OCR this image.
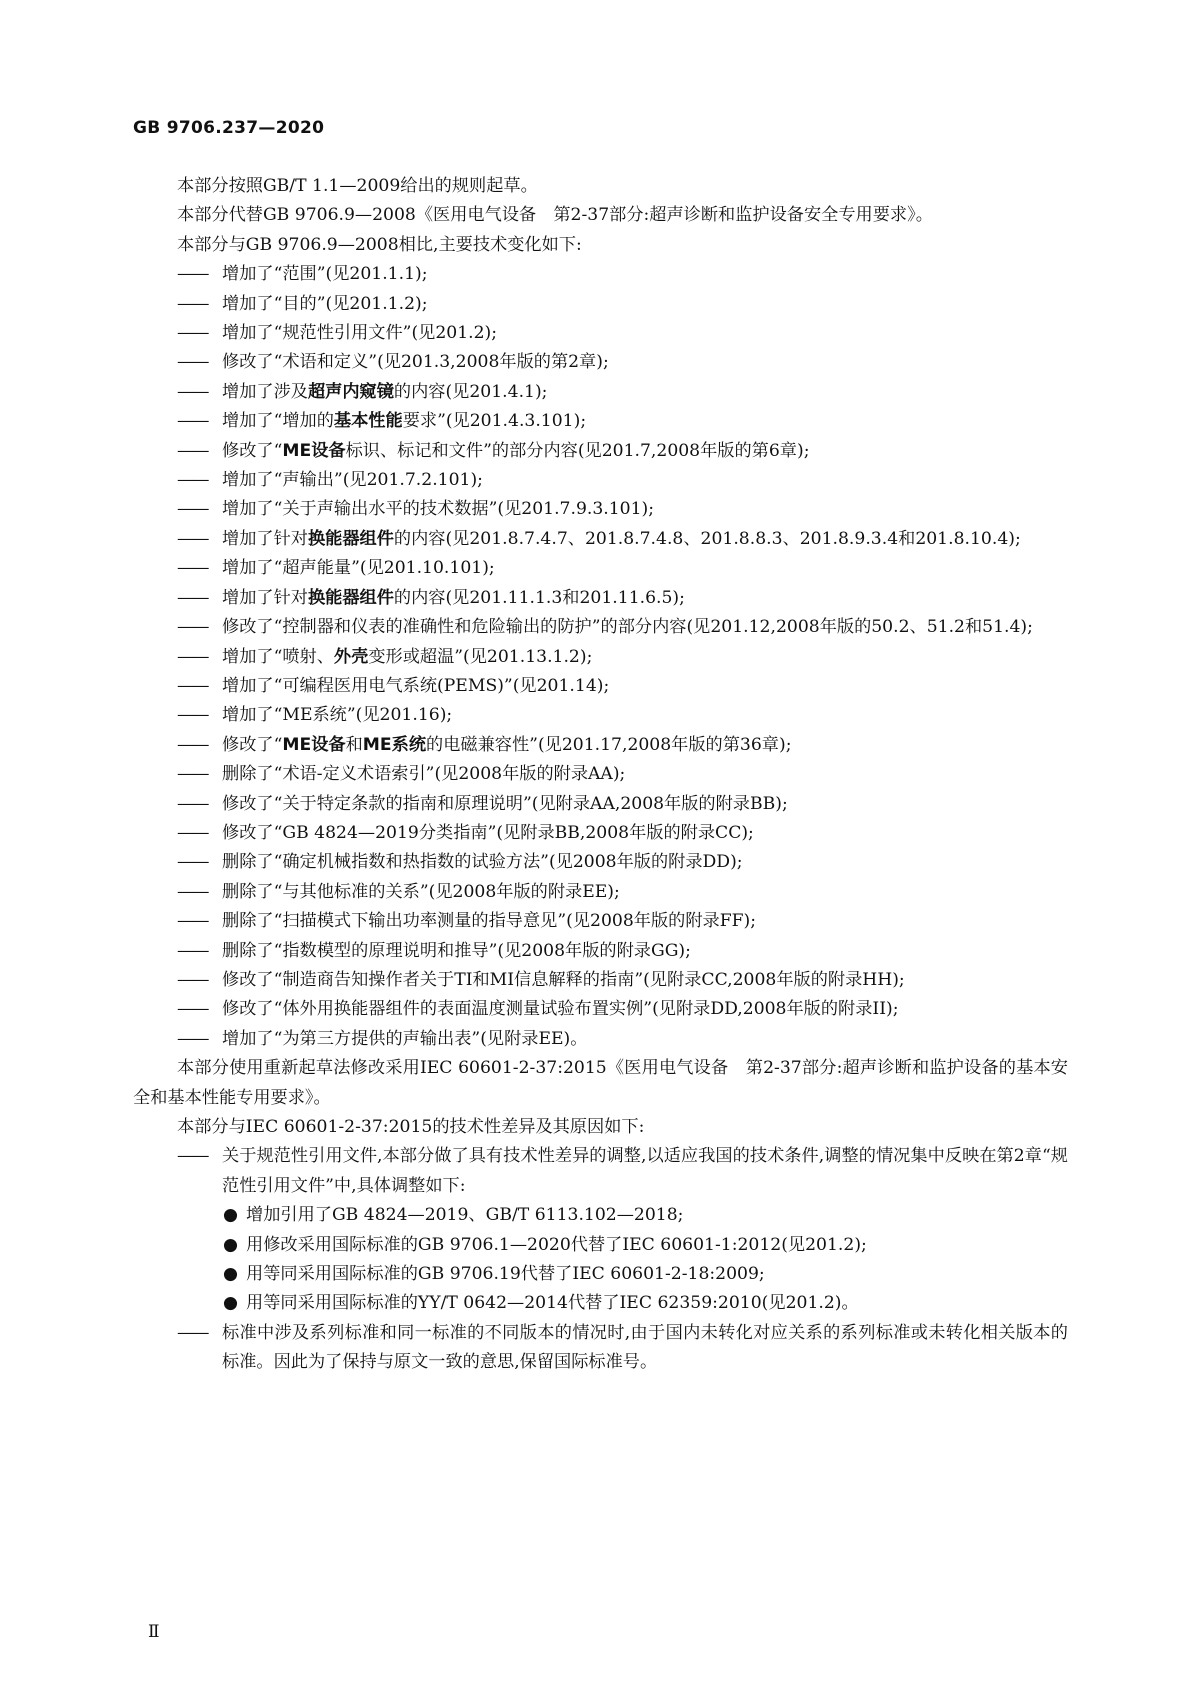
GB 9706.237—2020

本部分按照GB/T 1.1—2009给出的规则起草。

本部分代替GB 9706.9—2008《医用电气设备　第2-37部分:超声诊断和监护设备安全专用要求》。

本部分与GB 9706.9—2008相比,主要技术变化如下:

—— 增加了“范围”(见201.1.1);
—— 增加了“目的”(见201.1.2);
—— 增加了“规范性引用文件”(见201.2);
—— 修改了“术语和定义”(见201.3,2008年版的第2章);
—— 增加了涉及超声内窥镜的内容(见201.4.1);
—— 增加了“增加的基本性能要求”(见201.4.3.101);
—— 修改了“ME设备标识、标记和文件”的部分内容(见201.7,2008年版的第6章);
—— 增加了“声输出”(见201.7.2.101);
—— 增加了“关于声输出水平的技术数据”(见201.7.9.3.101);
—— 增加了针对换能器组件的内容(见201.8.7.4.7、201.8.7.4.8、201.8.8.3、201.8.9.3.4和201.8.10.4);
—— 增加了“超声能量”(见201.10.101);
—— 增加了针对换能器组件的内容(见201.11.1.3和201.11.6.5);
—— 修改了“控制器和仪表的准确性和危险输出的防护”的部分内容(见201.12,2008年版的50.2、51.2和51.4);
—— 增加了“喷射、外壳变形或超温”(见201.13.1.2);
—— 增加了“可编程医用电气系统(PEMS)”(见201.14);
—— 增加了“ME系统”(见201.16);
—— 修改了“ME设备和ME系统的电磁兼容性”(见201.17,2008年版的第36章);
—— 删除了“术语-定义术语索引”(见2008年版的附录AA);
—— 修改了“关于特定条款的指南和原理说明”(见附录AA,2008年版的附录BB);
—— 修改了“GB 4824—2019分类指南”(见附录BB,2008年版的附录CC);
—— 删除了“确定机械指数和热指数的试验方法”(见2008年版的附录DD);
—— 删除了“与其他标准的关系”(见2008年版的附录EE);
—— 删除了“扫描模式下输出功率测量的指导意见”(见2008年版的附录FF);
—— 删除了“指数模型的原理说明和推导”(见2008年版的附录GG);
—— 修改了“制造商告知操作者关于TI和MI信息解释的指南”(见附录CC,2008年版的附录HH);
—— 修改了“体外用换能器组件的表面温度测量试验布置实例”(见附录DD,2008年版的附录II);
—— 增加了“为第三方提供的声输出表”(见附录EE)。

本部分使用重新起草法修改采用IEC 60601-2-37:2015《医用电气设备　第2-37部分:超声诊断和监护设备的基本安全和基本性能专用要求》。

本部分与IEC 60601-2-37:2015的技术性差异及其原因如下:

—— 关于规范性引用文件,本部分做了具有技术性差异的调整,以适应我国的技术条件,调整的情况集中反映在第2章“规范性引用文件”中,具体调整如下:
● 增加引用了GB 4824—2019、GB/T 6113.102—2018;
● 用修改采用国际标准的GB 9706.1—2020代替了IEC 60601-1:2012(见201.2);
● 用等同采用国际标准的GB 9706.19代替了IEC 60601-2-18:2009;
● 用等同采用国际标准的YY/T 0642—2014代替了IEC 62359:2010(见201.2)。
—— 标准中涉及系列标准和同一标准的不同版本的情况时,由于国内未转化对应关系的系列标准或未转化相关版本的标准。因此为了保持与原文一致的意思,保留国际标准号。
Ⅱ
